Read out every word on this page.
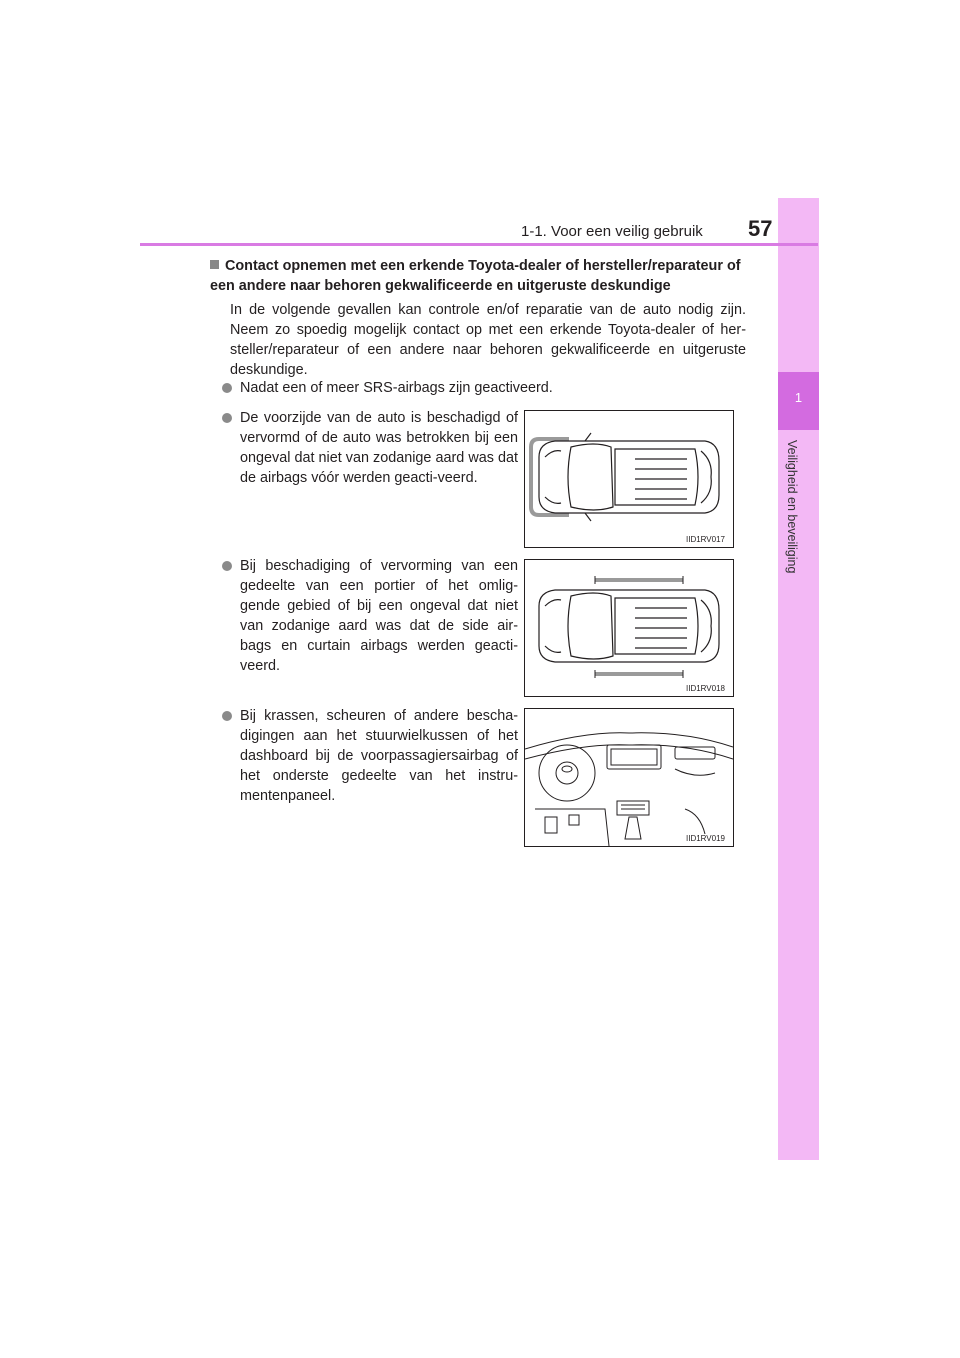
1
Veiligheid en beveiliging
1-1. Voor een veilig gebruik 57
Contact opnemen met een erkende Toyota-dealer of hersteller/reparateur of een andere naar behoren gekwalificeerde en uitgeruste deskundige
In de volgende gevallen kan controle en/of reparatie van de auto nodig zijn. Neem zo spoedig mogelijk contact op met een erkende Toyota-dealer of her-steller/reparateur of een andere naar behoren gekwalificeerde en uitgeruste deskundige.
Nadat een of meer SRS-airbags zijn geactiveerd.
De voorzijde van de auto is beschadigd of vervormd of de auto was betrokken bij een ongeval dat niet van zodanige aard was dat de airbags vóór werden geacti-veerd.
Bij beschadiging of vervorming van een gedeelte van een portier of het omlig-gende gebied of bij een ongeval dat niet van zodanige aard was dat de side air-bags en curtain airbags werden geacti-veerd.
Bij krassen, scheuren of andere bescha-digingen aan het stuurwielkussen of het dashboard bij de voorpassagiersairbag of het onderste gedeelte van het instru-mentenpaneel.
IID1RV017
IID1RV018
IID1RV019
